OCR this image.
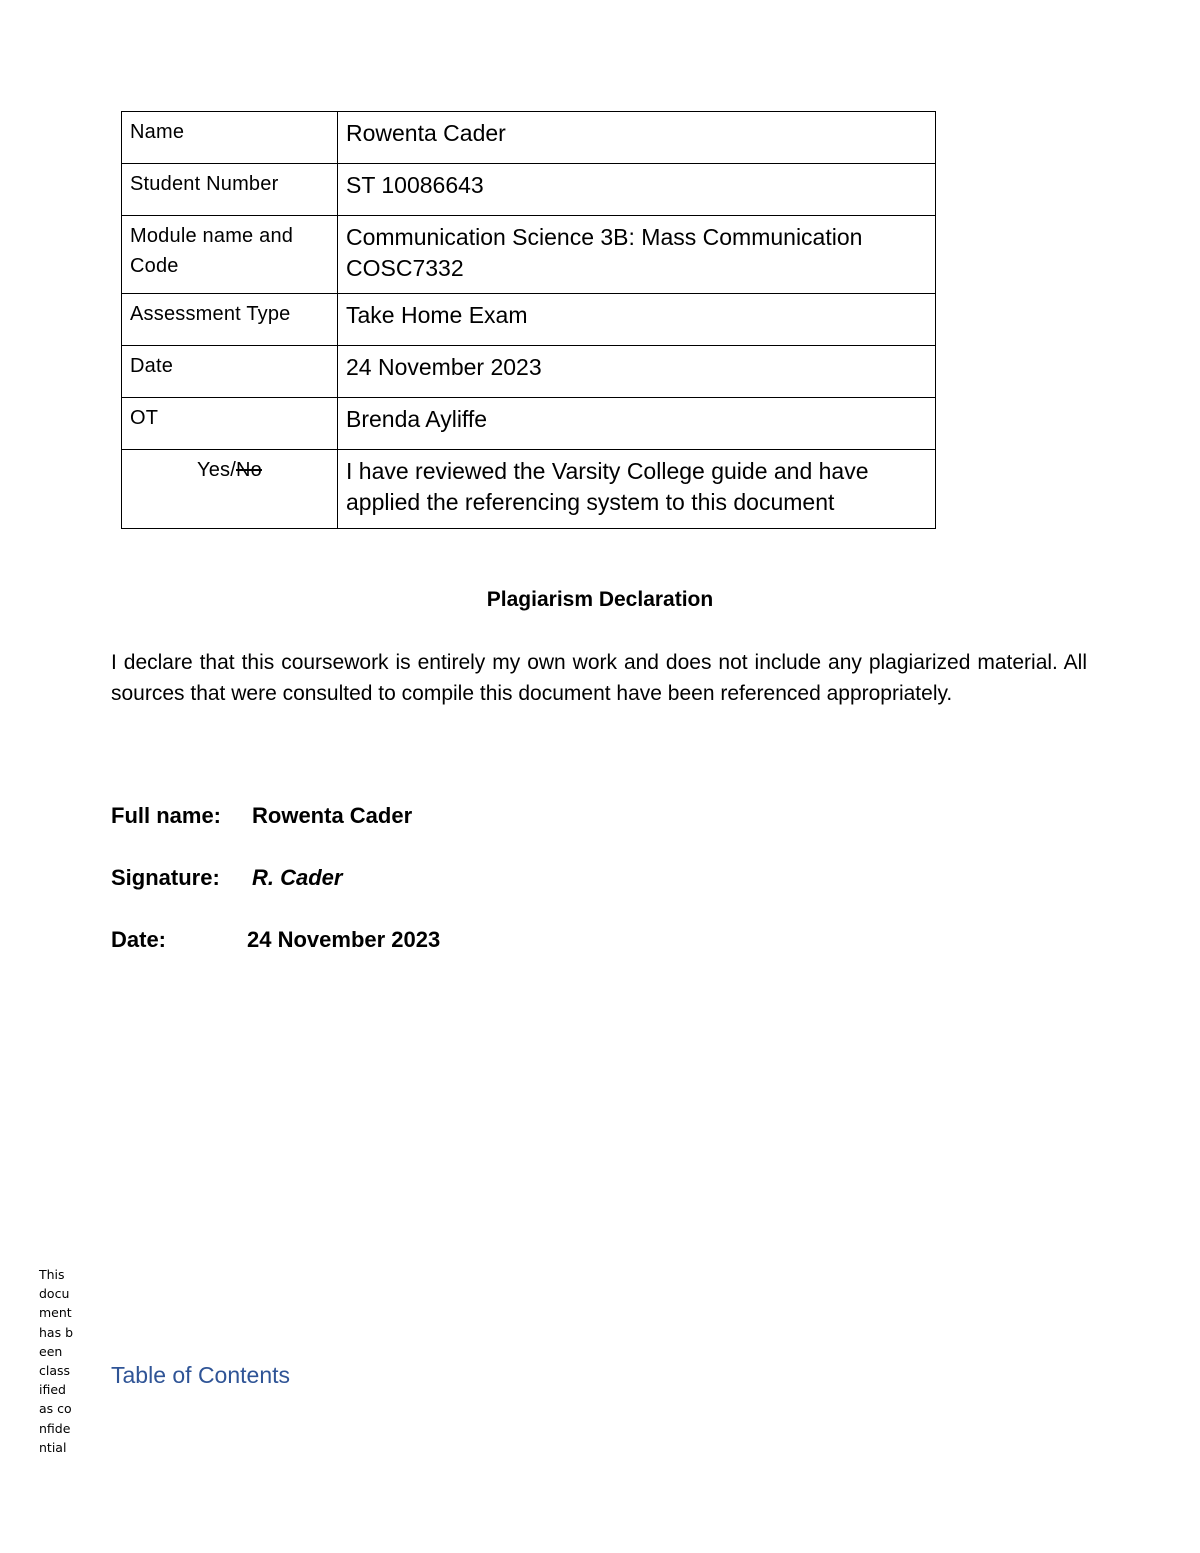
Name	Rowenta Cader
Student Number	ST 10086643
Module name and Code	Communication Science 3B: Mass Communication COSC7332
Assessment Type	Take Home Exam
Date	24 November 2023
OT	Brenda Ayliffe
Yes/No	I have reviewed the Varsity College guide and have applied the referencing system to this document
Plagiarism Declaration
I declare that this coursework is entirely my own work and does not include any plagiarized material. All sources that were consulted to compile this document have been referenced appropriately.
Full name: Rowenta Cader
Signature: R. Cader
Date:	24 November 2023
This document has been classified as confidential
Table of Contents
